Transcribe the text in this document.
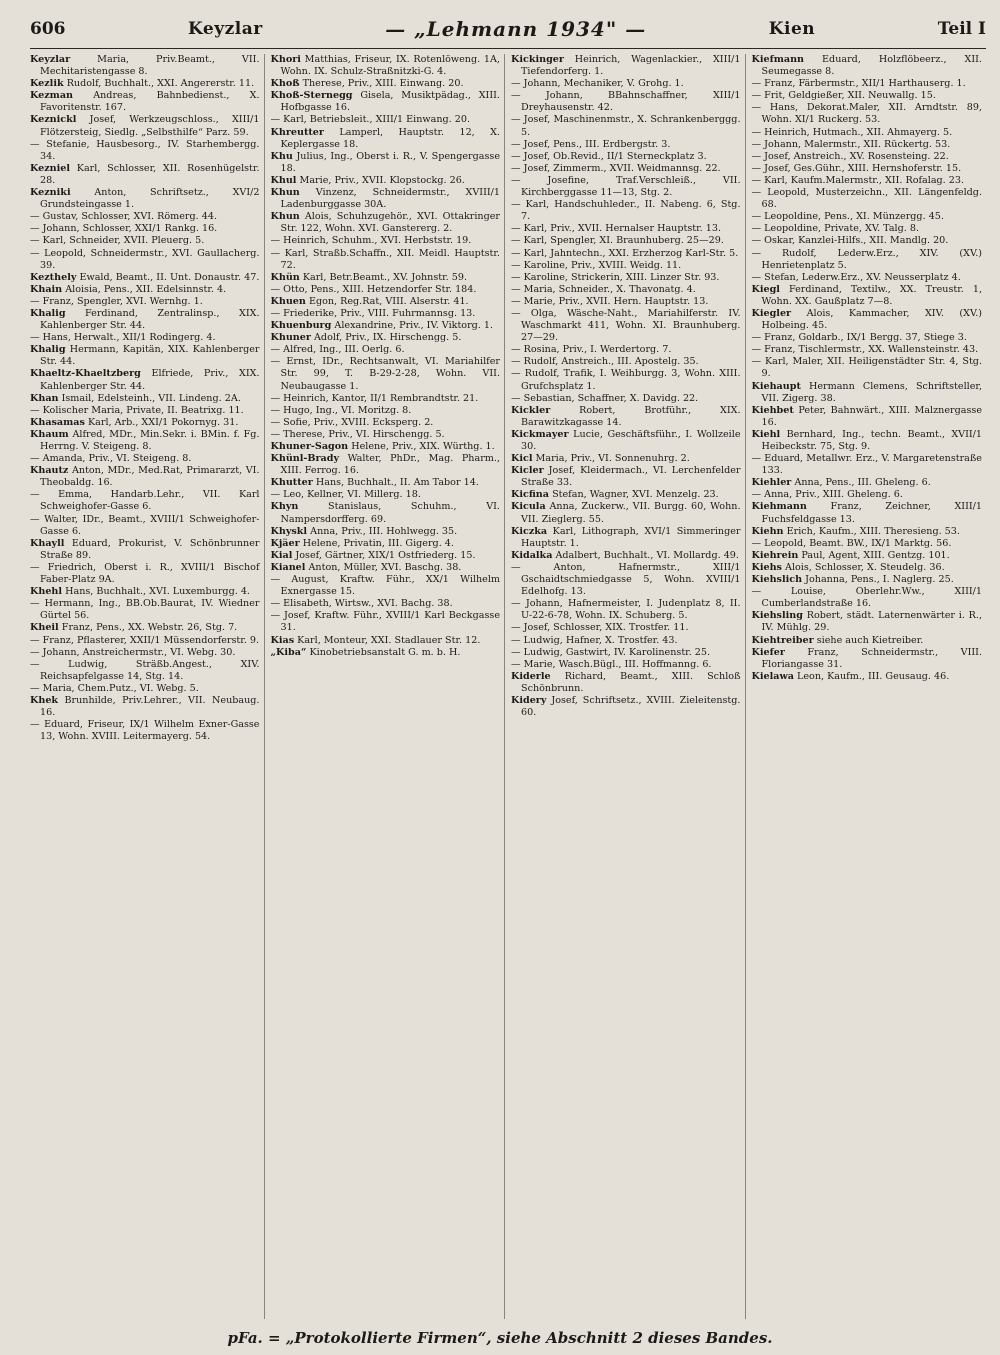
606	Keyzlar	— „Lehmann 1934" —	Kien	Teil I

Keyzlar	Maria, Priv.Beamt., VII. Mechitaristengasse 8.

Kezlik Rudolf, Buchhalt., XXI. Angererstr. 11.

Kezman Andreas, Bahnbedienst., X. Favoritenstr. 167.

Keznickl Josef, Werkzeugschloss., XIII/1 Flötzersteig, Siedlg. „Selbsthilfe“ Parz. 59.

— Stefanie, Hausbesorg., IV. Starhembergg. 34.

Kezniel Karl, Schlosser, XII. Rosenhügelstr. 28.

Kezniki Anton, Schriftsetz., XVI/2 Grundsteingasse 1.

— Gustav, Schlosser, XVI. Römerg. 44.

— Johann, Schlosser, XXI/1 Rankg. 16.

— Karl, Schneider, XVII. Pleuerg. 5.

— Leopold, Schneidermstr., XVI. Gaullacherg. 39.

Kezthely Ewald, Beamt., II. Unt. Donaustr. 47.

Khain Aloisia, Pens., XII. Edelsinnstr. 4.

— Franz, Spengler, XVI. Wernhg. 1.

Khalig Ferdinand, Zentralinsp., XIX. Kahlenberger Str. 44.

— Hans, Herwalt., XII/1 Rodingerg. 4.

Khalig Hermann, Kapitän, XIX. Kahlenberger Str. 44.

Khaeltz-Khaeltzberg Elfriede, Priv., XIX. Kahlenberger Str. 44.

Khan Ismail, Edelsteinh., VII. Lindeng. 2A.

— Kolischer Maria, Private, II. Beatrixg. 11.

Khasamas Karl, Arb., XXI/1 Pokornyg. 31.

Khaum Alfred, MDr., Min.Sekr. i. BMin. f. Fg. Herrng. V. Steigeng. 8.

— Amanda, Priv., VI. Steigeng. 8.

Khautz Anton, MDr., Med.Rat, Primararzt, VI. Theobaldg. 16.

— Emma, Handarb.Lehr., VII. Karl Schweighofer-Gasse 6.

— Walter, IDr., Beamt., XVIII/1 Schweighofer-Gasse 6.

Khayll Eduard, Prokurist, V. Schönbrunner Straße 89.

— Friedrich, Oberst i. R., XVIII/1 Bischof Faber-Platz 9A.

Khehl Hans, Buchhalt., XVI. Luxemburgg. 4.

— Hermann, Ing., BB.Ob.Baurat, IV. Wiedner Gürtel 56.

Kheil Franz, Pens., XX. Webstr. 26, Stg. 7.

— Franz, Pflasterer, XXII/1 Müssendorferstr. 9.

— Johann, Anstreichermstr., VI. Webg. 30.

— Ludwig, Sträßb.Angest., XIV. Reichsapfelgasse 14, Stg. 14.

— Maria, Chem.Putz., VI. Webg. 5.

Khek Brunhilde, Priv.Lehrer., VII. Neubaug. 16.

— Eduard, Friseur, IX/1 Wilhelm Exner-Gasse 13, Wohn. XVIII. Leitermayerg. 54.

Khori Matthias, Friseur, IX. Rotenlöweng. 1A, Wohn. IX. Schulz-Straßnitzki-G. 4.

Khoß Therese, Priv., XIII. Einwang. 20.

Khoß-Sternegg Gisela, Musiktpädag., XIII. Hofbgasse 16.

— Karl, Betriebsleit., XIII/1 Einwang. 20.

Khreutter Lamperl, Hauptstr. 12, X. Keplergasse 18.

Khu Julius, Ing., Oberst i. R., V. Spengergasse 18.

Khul Marie, Priv., XVII. Klopstockg. 26.

Khun Vinzenz, Schneidermstr., XVIII/1 Ladenburggasse 30A.

Khun Alois, Schuhzugehör., XVI. Ottakringer Str. 122, Wohn. XVI. Ganstererg. 2.

— Heinrich, Schuhm., XVI. Herbststr. 19.

— Karl, Straßb.Schaffn., XII. Meidl. Hauptstr. 72.

Khün Karl, Betr.Beamt., XV. Johnstr. 59.

— Otto, Pens., XIII. Hetzendorfer Str. 184.

Khuen Egon, Reg.Rat, VIII. Alserstr. 41.

— Friederike, Priv., VIII. Fuhrmannsg. 13.

Khuenburg Alexandrine, Priv., IV. Viktorg. 1.

Khuner Adolf, Priv., IX. Hirschengg. 5.

— Alfred, Ing., III. Oerlg. 6.

— Ernst, IDr., Rechtsanwalt, VI. Mariahilfer Str. 99, T. B-29-2-28, Wohn. VII. Neubaugasse 1.

— Heinrich, Kantor, II/1 Rembrandtstr. 21.

— Hugo, Ing., VI. Moritzg. 8.

— Sofie, Priv., XVIII. Ecksperg. 2.

— Therese, Priv., VI. Hirschengg. 5.

Khuner-Sagon Helene, Priv., XIX. Würthg. 1.

Khünl-Brady Walter, PhDr., Mag. Pharm., XIII. Ferrog. 16.

Khutter Hans, Buchhalt., II. Am Tabor 14.

— Leo, Kellner, VI. Millerg. 18.

Khyn	Stanislaus, Schuhm., VI. Nampersdorfferg. 69.

Khyskl Anna, Priv., III. Hohlwegg. 35.

Kjäer Helene, Privatin, III. Gigerg. 4.

Kial Josef, Gärtner, XIX/1 Ostfriederg. 15.

Kianel Anton, Müller, XVI. Baschg. 38.

— August, Kraftw. Führ., XX/1 Wilhelm Exnergasse 15.

— Elisabeth, Wirtsw., XVI. Bachg. 38.

— Josef, Kraftw. Führ., XVIII/1 Karl Beckgasse 31.

Kias Karl, Monteur, XXI. Stadlauer Str. 12.

„Kiba“ Kinobetriebsanstalt G. m. b. H.

Kickinger Heinrich, Wagenlackier., XIII/1 Tiefendorferg. 1.

— Johann, Mechaniker, V. Grohg. 1.

— Johann, BBahnschaffner, XIII/1 Dreyhausenstr. 42.

— Josef, Maschinenmstr., X. Schrankenberggg. 5.

— Josef, Pens., III. Erdbergstr. 3.

— Josef, Ob.Revid., II/1 Sterneckplatz 3.

— Josef, Zimmerm., XVII. Weidmannsg. 22.

— Josefine, Traf.Verschleiß., VII. Kirchberggasse 11—13, Stg. 2.

— Karl, Handschuhleder., II. Nabeng. 6, Stg. 7.

— Karl, Priv., XVII. Hernalser Hauptstr. 13.

— Karl, Spengler, XI. Braunhuberg. 25—29.

— Karl, Jahntechn., XXI. Erzherzog Karl-Str. 5.

— Karoline, Priv., XVIII. Weidg. 11.

— Karoline, Strickerin, XIII. Linzer Str. 93.

— Maria, Schneider., X. Thavonatg. 4.

— Marie, Priv., XVII. Hern. Hauptstr. 13.

— Olga, Wäsche-Naht., Mariahilferstr. IV. Waschmarkt 411, Wohn. XI. Braunhuberg. 27—29.

— Rosina, Priv., I. Werdertorg. 7.

— Rudolf, Anstreich., III. Apostelg. 35.

— Rudolf, Trafik, I. Weihburgg. 3, Wohn. XIII. Grufchsplatz 1.

— Sebastian, Schaffner, X. Davidg. 22.

Kickler	Robert, Brotführ., XIX. Barawitzkagasse 14.

Kickmayer Lucie, Geschäftsführ., I. Wollzeile 30.

Kicl Maria, Priv., VI. Sonnenuhrg. 2.

Kicler Josef, Kleidermach., VI. Lerchenfelder Straße 33.

Kicfina Stefan, Wagner, XVI. Menzelg. 23.

Kicula Anna, Zuckerw., VII. Burgg. 60, Wohn. VII. Zieglerg. 55.

Kiczka Karl, Lithograph, XVI/1 Simmeringer Hauptstr. 1.

Kidalka Adalbert, Buchhalt., VI. Mollardg. 49.

— Anton, Hafnermstr., XIII/1 Gschaidtschmiedgasse 5, Wohn. XVIII/1 Edelhofg. 13.

— Johann, Hafnermeister, I. Judenplatz 8, II. U-22-6-78, Wohn. IX. Schuberg. 5.

— Josef, Schlosser, XIX. Trostfer. 11.

— Ludwig, Hafner, X. Trostfer. 43.

— Ludwig, Gastwirt, IV. Karolinenstr. 25.

— Marie, Wasch.Bügl., III. Hoffmanng. 6.

Kiderle Richard, Beamt., XIII. Schloß Schönbrunn.

Kidery Josef, Schriftsetz., XVIII. Zieleitenstg. 60.

Kiefmann Eduard, Holzflöbeerz., XII. Seumegasse 8.

— Franz, Färbermstr., XII/1 Harthauserg. 1.

— Frit, Geldgießer, XII. Neuwallg. 15.

— Hans, Dekorat.Maler, XII. Arndtstr. 89, Wohn. XI/1 Ruckerg. 53.

— Heinrich, Hutmach., XII. Ahmayerg. 5.

— Johann, Malermstr., XII. Rückertg. 53.

— Josef, Anstreich., XV. Rosensteing. 22.

— Josef, Ges.Gühr., XIII. Hernshoferstr. 15.

— Karl, Kaufm.Malermstr., XII. Rofalag. 23.

— Leopold, Musterzeichn., XII. Längenfeldg. 68.

— Leopoldine, Pens., XI. Münzergg. 45.

— Leopoldine, Private, XV. Talg. 8.

— Oskar, Kanzlei-Hilfs., XII. Mandlg. 20.

— Rudolf, Lederw.Erz., XIV. (XV.) Henrietenplatz 5.

— Stefan, Lederw.Erz., XV. Neusserplatz 4.

Kiegl Ferdinand, Textilw., XX. Treustr. 1, Wohn. XX. Gaußplatz 7—8.

Kiegler Alois, Kammacher, XIV. (XV.) Holbeing. 45.

— Franz, Goldarb., IX/1 Bergg. 37, Stiege 3.

— Franz, Tischlermstr., XX. Wallensteinstr. 43.

— Karl, Maler, XII. Heiligenstädter Str. 4, Stg. 9.

Kiehaupt Hermann Clemens, Schriftsteller, VII. Zigerg. 38.

Kiehbet Peter, Bahnwärt., XIII. Malznergasse 16.

Kiehl Bernhard, Ing., techn. Beamt., XVII/1 Heibeckstr. 75, Stg. 9.

— Eduard, Metallwr. Erz., V. Margaretenstraße 133.

Kiehler Anna, Pens., III. Gheleng. 6.

— Anna, Priv., XIII. Gheleng. 6.

Kiehmann Franz, Zeichner, XIII/1 Fuchsfeldgasse 13.

Kiehn Erich, Kaufm., XIII. Theresieng. 53.

— Leopold, Beamt. BW., IX/1 Marktg. 56.

Kiehrein Paul, Agent, XIII. Gentzg. 101.

Kiehs Alois, Schlosser, X. Steudelg. 36.

Kiehslich Johanna, Pens., I. Naglerg. 25.

— Louise, Oberlehr.Ww., XIII/1 Cumberlandstraße 16.

Kiehsling Robert, städt. Laternenwärter i. R., IV. Mühlg. 29.

Kiehtreiber siehe auch Kietreiber.

Kiefer Franz, Schneidermstr., VIII. Floriangasse 31.

Kielawa Leon, Kaufm., III. Geusaug. 46.

pFa. = „Protokollierte Firmen“, siehe Abschnitt 2 dieses Bandes.
